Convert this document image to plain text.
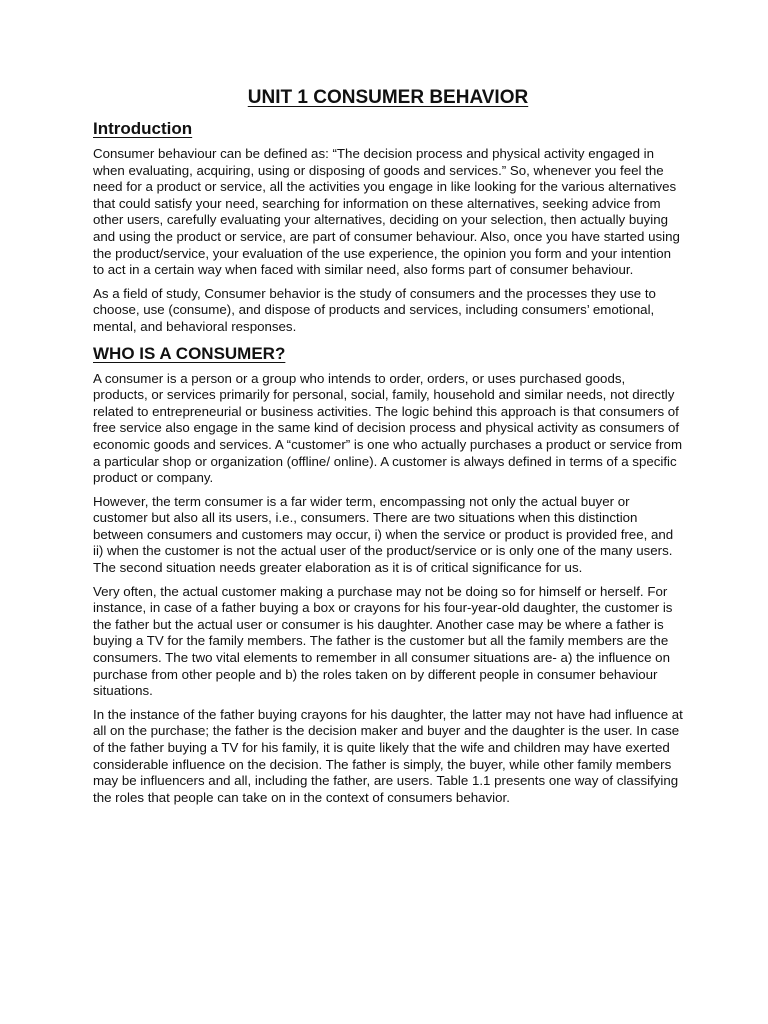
UNIT 1 CONSUMER BEHAVIOR
Introduction

Consumer behaviour can be defined as: “The decision process and physical activity engaged in when evaluating, acquiring, using or disposing of goods and services.” So, whenever you feel the need for a product or service, all the activities you engage in like looking for the various alternatives that could satisfy your need, searching for information on these alternatives, seeking advice from other users, carefully evaluating your alternatives, deciding on your selection, then actually buying and using the product or service, are part of consumer behaviour. Also, once you have started using the product/service, your evaluation of the use experience, the opinion you form and your intention to act in a certain way when faced with similar need, also forms part of consumer behaviour.

As a field of study, Consumer behavior is the study of consumers and the processes they use to choose, use (consume), and dispose of products and services, including consumers’ emotional, mental, and behavioral responses.

WHO IS A CONSUMER?

A consumer is a person or a group who intends to order, orders, or uses purchased goods, products, or services primarily for personal, social, family, household and similar needs, not directly related to entrepreneurial or business activities. The logic behind this approach is that consumers of free service also engage in the same kind of decision process and physical activity as consumers of economic goods and services. A “customer” is one who actually purchases a product or service from a particular shop or organization (offline/ online). A customer is always defined in terms of a specific product or company.

However, the term consumer is a far wider term, encompassing not only the actual buyer or customer but also all its users, i.e., consumers. There are two situations when this distinction between consumers and customers may occur, i) when the service or product is provided free, and ii) when the customer is not the actual user of the product/service or is only one of the many users. The second situation needs greater elaboration as it is of critical significance for us.

Very often, the actual customer making a purchase may not be doing so for himself or herself. For instance, in case of a father buying a box or crayons for his four-year-old daughter, the customer is the father but the actual user or consumer is his daughter. Another case may be where a father is buying a TV for the family members. The father is the customer but all the family members are the consumers. The two vital elements to remember in all consumer situations are- a) the influence on purchase from other people and b) the roles taken on by different people in consumer behaviour situations.

In the instance of the father buying crayons for his daughter, the latter may not have had influence at all on the purchase; the father is the decision maker and buyer and the daughter is the user. In case of the father buying a TV for his family, it is quite likely that the wife and children may have exerted considerable influence on the decision. The father is simply, the buyer, while other family members may be influencers and all, including the father, are users. Table 1.1 presents one way of classifying the roles that people can take on in the context of consumers behavior.
